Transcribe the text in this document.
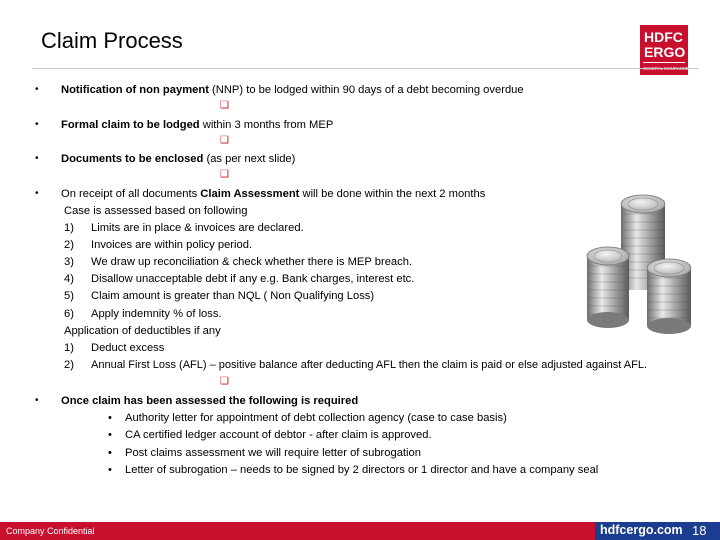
Claim Process	HDFC
ERGO
• Notification of non payment (NNP) to be lodged within 90 days of a debt becoming overdue
❑
• Formal claim to be lodged within 3 months from MEP
❑
• Documents to be enclosed (as per next slide)
❑
• On receipt of all documents Claim Assessment will be done within the next 2 months
Case is assessed based on following
1) Limits are in place & invoices are declared.
2) Invoices are within policy period.
3) We draw up reconciliation & check whether there is MEP breach.
4) Disallow unacceptable debt if any e.g. Bank charges, interest etc.
5) Claim amount is greater than NQL ( Non Qualifying Loss)
6) Apply indemnity % of loss.
Application of deductibles if any
1) Deduct excess
2) Annual First Loss (AFL) – positive balance after deducting AFL then the claim is paid or else adjusted against AFL.
❑
• Once claim has been assessed the following is required
• Authority letter for appointment of debt collection agency (case to case basis)
• CA certified ledger account of debtor - after claim is approved.
• Post claims assessment we will require letter of subrogation
• Letter of subrogation – needs to be signed by 2 directors or 1 director and have a company seal
Company Confidential	hdfcergo.com 18
